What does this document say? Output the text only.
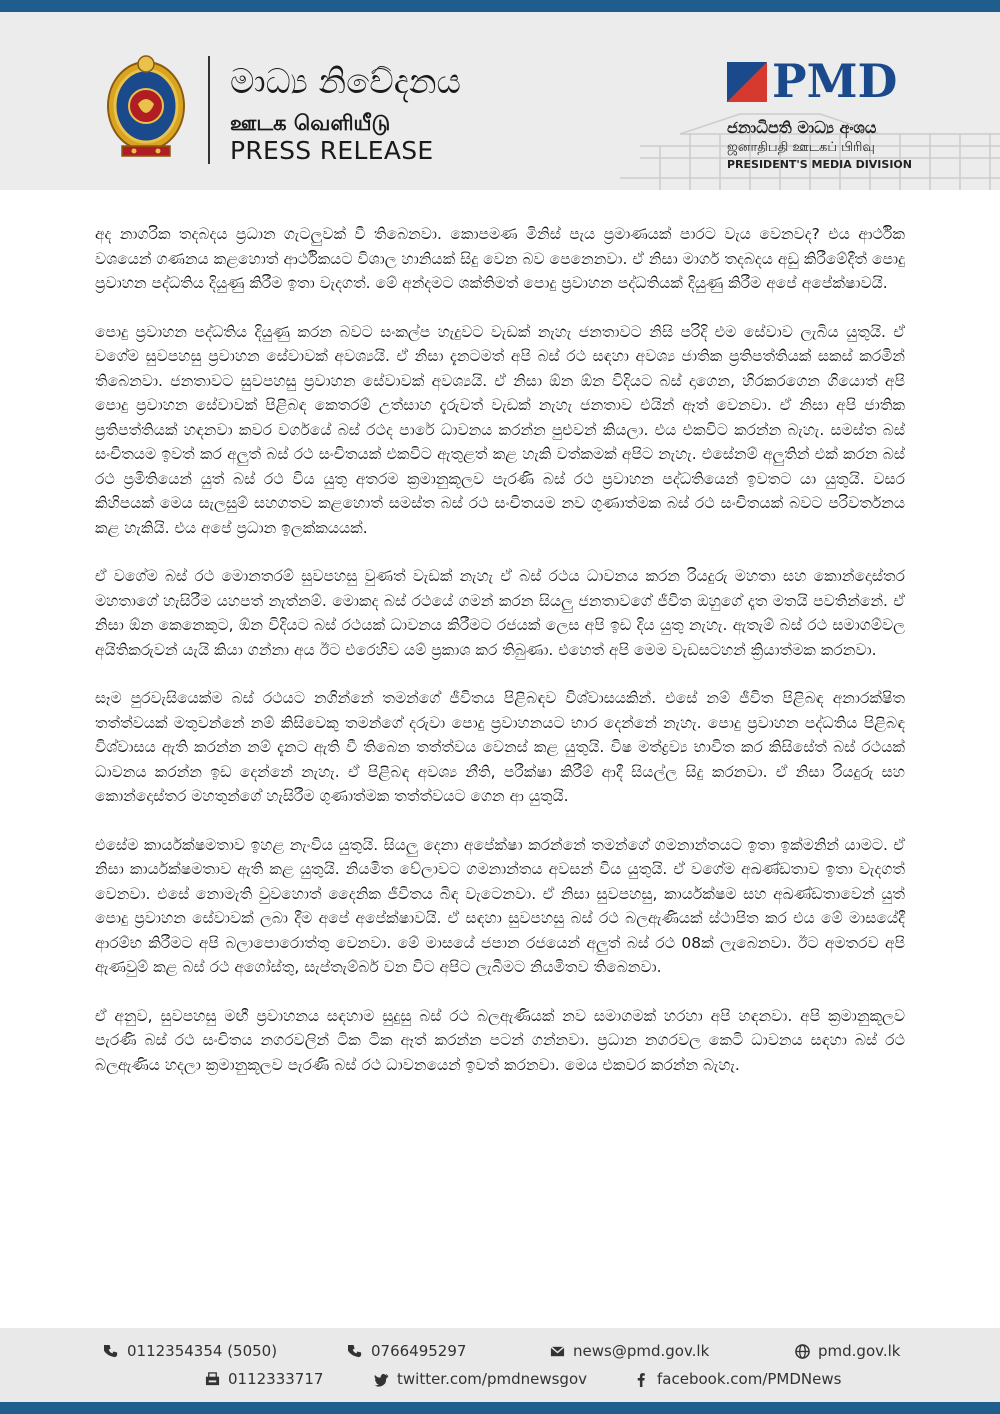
මාධ්‍ය නිවේදනය
ஊடக வெளியீடு
PRESS RELEASE
PMD
ජනාධිපති මාධ්‍ය අංශය
ஜனாதிபதி ஊடகப் பிரிவு
PRESIDENT'S MEDIA DIVISION

අද නාගරික තදබදය ප්‍රධාන ගැටලුවක් වී තිබෙනවා. කොපමණ මිනිස් පැය ප්‍රමාණයක් පාරට වැය වෙනවද? එය ආර්ථික වශයෙන් ගණනය කළහොත් ආර්ථිකයට විශාල හානියක් සිදු වෙන බව පෙනෙනවා. ඒ නිසා මාර්ග තදබදය අඩු කිරීමේදීත් පොදු ප්‍රවාහන පද්ධතිය දියුණු කිරීම ඉතා වැදගත්. මේ අන්දමට ශක්තිමත් පොදු ප්‍රවාහන පද්ධතියක් දියුණු කිරීම අපේ අපේක්ෂාවයි.

පොදු ප්‍රවාහන පද්ධතිය දියුණු කරන බවට සංකල්ප හැදුවට වැඩක් නැහැ ජනතාවට නිසි පරිදි එම සේවාව ලැබිය යුතුයි. ඒ වගේම සුවපහසු ප්‍රවාහන සේවාවක් අවශ්‍යයි. ඒ නිසා දැනටමත් අපි බස් රථ සඳහා අවශ්‍ය ජාතික ප්‍රතිපත්තියක් සකස් කරමින් තිබෙනවා. ජනතාවට සුවපහසු ප්‍රවාහන සේවාවක් අවශ්‍යයි. ඒ නිසා ඕන ඕන විදියට බස් දාගෙන, හිරකරගෙන ගියොත් අපි පොදු ප්‍රවාහන සේවාවක් පිළිබඳ කෙතරම් උත්සාහ දැරුවත් වැඩක් නැහැ ජනතාව එයින් ඈත් වෙනවා. ඒ නිසා අපි ජාතික ප්‍රතිපත්තියක් හඳනවා කවර වර්ගයේ බස් රථද පාරේ ධාවනය කරන්න පුළුවන් කියලා. එය එකවිට කරන්න බැහැ. සමස්ත බස් සංචිතයම ඉවත් කර අලුත් බස් රථ සංචිතයක් එකවිට ඇතුළත් කළ හැකි වත්කමක් අපිට නැහැ. එසේනම් අලුතින් එක් කරන බස් රථ ප්‍රමිතියෙන් යුත් බස් රථ විය යුතු අතරම ක්‍රමානුකූලව පැරණි බස් රථ ප්‍රවාහන පද්ධතියෙන් ඉවතට යා යුතුයි. වසර කිහිපයක් මෙය සැලසුම් සහගතව කළහොත් සමස්ත බස් රථ සංචිතයම නව ගුණාත්මක බස් රථ සංචිතයක් බවට පරිවර්තනය කළ හැකියි. එය අපේ ප්‍රධාන ඉලක්කයයක්.

ඒ වගේම බස් රථ මොනතරම් සුවපහසු වුණත් වැඩක් නැහැ ඒ බස් රථය ධාවනය කරන රියදුරු මහතා සහ කොන්දොස්තර මහතාගේ හැසිරීම යහපත් නැත්නම්. මොකද බස් රථයේ ගමන් කරන සියලු ජනතාවගේ ජීවිත ඔහුගේ දෑත මතයි පවතින්නේ. ඒ නිසා ඕන කෙනෙකුට, ඕන විදියට බස් රථයක් ධාවනය කිරීමට රජයක් ලෙස අපි ඉඩ දිය යුතු නැහැ. ඇතැම් බස් රථ සමාගම්වල අයිතිකරුවන් යැයි කියා ගන්නා අය ඊට එරෙහිව යම් ප්‍රකාශ කර තිබුණා. එහෙත් අපි මෙම වැඩසටහන් ක්‍රියාත්මක කරනවා.

සෑම පුරවැසියෙක්ම බස් රථයට නගින්නේ තමන්ගේ ජීවිතය පිළිබඳව විශ්වාසයකින්. එසේ නම් ජීවිත පිළිබඳ අනාරක්ෂිත තත්ත්වයක් මතුවන්නේ නම් කිසිවෙකු තමන්ගේ දරුවා පොදු ප්‍රවාහනයට භාර දෙන්නේ නැහැ. පොදු ප්‍රවාහන පද්ධතිය පිළිබඳ විශ්වාසය ඇති කරන්න නම් දැනට ඇති වී තිබෙන තත්ත්වය වෙනස් කළ යුතුයි. විෂ මත්ද්‍රව්‍ය භාවිත කර කිසිසේත් බස් රථයක් ධාවනය කරන්න ඉඩ දෙන්නේ නැහැ. ඒ පිළිබඳ අවශ්‍ය නීති, පරීක්ෂා කිරීම් ආදී සියල්ල සිදු කරනවා. ඒ නිසා රියදුරු සහ කොන්දොස්තර මහතුන්ගේ හැසිරීම ගුණාත්මක තත්ත්වයට ගෙන ආ යුතුයි.

එසේම කාර්යක්ෂමතාව ඉහළ නැංවිය යුතුයි. සියලු දෙනා අපේක්ෂා කරන්නේ තමන්ගේ ගමනාන්තයට ඉතා ඉක්මනින් යාමට. ඒ නිසා කාර්යක්ෂමතාව ඇති කළ යුතුයි. නියමිත වේලාවට ගමනාන්තය අවසන් විය යුතුයි. ඒ වගේම අඛණ්ඩතාව ඉතා වැදගත් වෙනවා. එසේ නොමැති වුවහොත් දෛනික ජීවිතය බිඳ වැටෙනවා. ඒ නිසා සුවපහසු, කාර්යක්ෂම සහ අඛණ්ඩතාවෙන් යුත් පොදු ප්‍රවාහන සේවාවක් ලබා දීම අපේ අපේක්ෂාවයි. ඒ සඳහා සුවපහසු බස් රථ බලඇණියක් ස්ථාපිත කර එය මේ මාසයේදී ආරම්භ කිරීමට අපි බලාපොරොත්තු වෙනවා. මේ මාසයේ ජපාන රජයෙන් අලුත් බස් රථ 08ක් ලැබෙනවා. ඊට අමතරව අපි ඇණවුම් කළ බස් රථ අගෝස්තු, සැප්තැම්බර් වන විට අපිට ලැබීමට නියමිතව තිබෙනවා.

ඒ අනුව, සුවපහසු මඟී ප්‍රවාහනය සඳහාම සුදුසු බස් රථ බලඇණියක් නව සමාගමක් හරහා අපි හඳනවා. අපි ක්‍රමානුකූලව පැරණි බස් රථ සංචිතය නගරවලින් ටික ටික ඈත් කරන්න පටන් ගන්නවා. ප්‍රධාන නගරවල කෙටි ධාවනය සඳහා බස් රථ බලඇණිය හදලා ක්‍රමානුකූලව පැරණි බස් රථ ධාවනයෙන් ඉවත් කරනවා. මෙය එකවර කරන්න බැහැ.

0112354354 (5050)	0766495297	news@pmd.gov.lk	pmd.gov.lk
0112333717	twitter.com/pmdnewsgov	facebook.com/PMDNews
